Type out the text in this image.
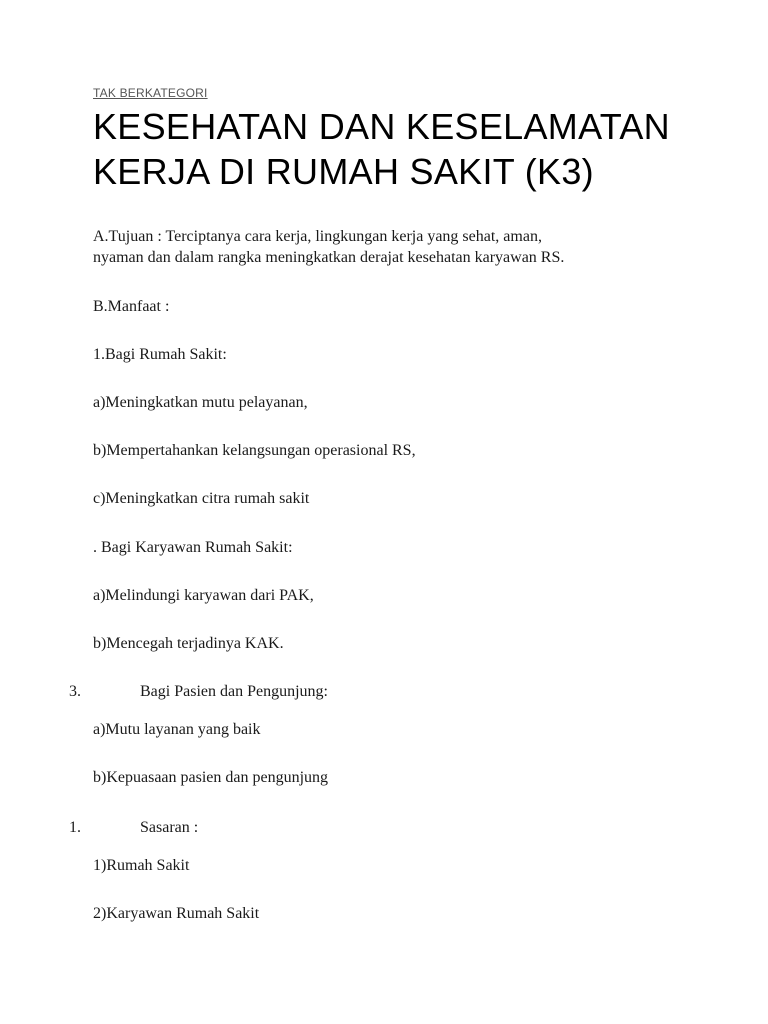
TAK BERKATEGORI
KESEHATAN DAN KESELAMATAN KERJA DI RUMAH SAKIT (K3)
A.Tujuan : Terciptanya cara kerja, lingkungan kerja yang sehat, aman,
nyaman dan dalam rangka meningkatkan derajat kesehatan karyawan RS.
B.Manfaat :
1.Bagi Rumah Sakit:
a)Meningkatkan mutu pelayanan,
b)Mempertahankan kelangsungan operasional RS,
c)Meningkatkan citra rumah sakit
. Bagi Karyawan Rumah Sakit:
a)Melindungi karyawan dari PAK,
b)Mencegah terjadinya KAK.
3.	Bagi Pasien dan Pengunjung:
a)Mutu layanan yang baik
b)Kepuasaan pasien dan pengunjung
1.	Sasaran :
1)Rumah Sakit
2)Karyawan Rumah Sakit
